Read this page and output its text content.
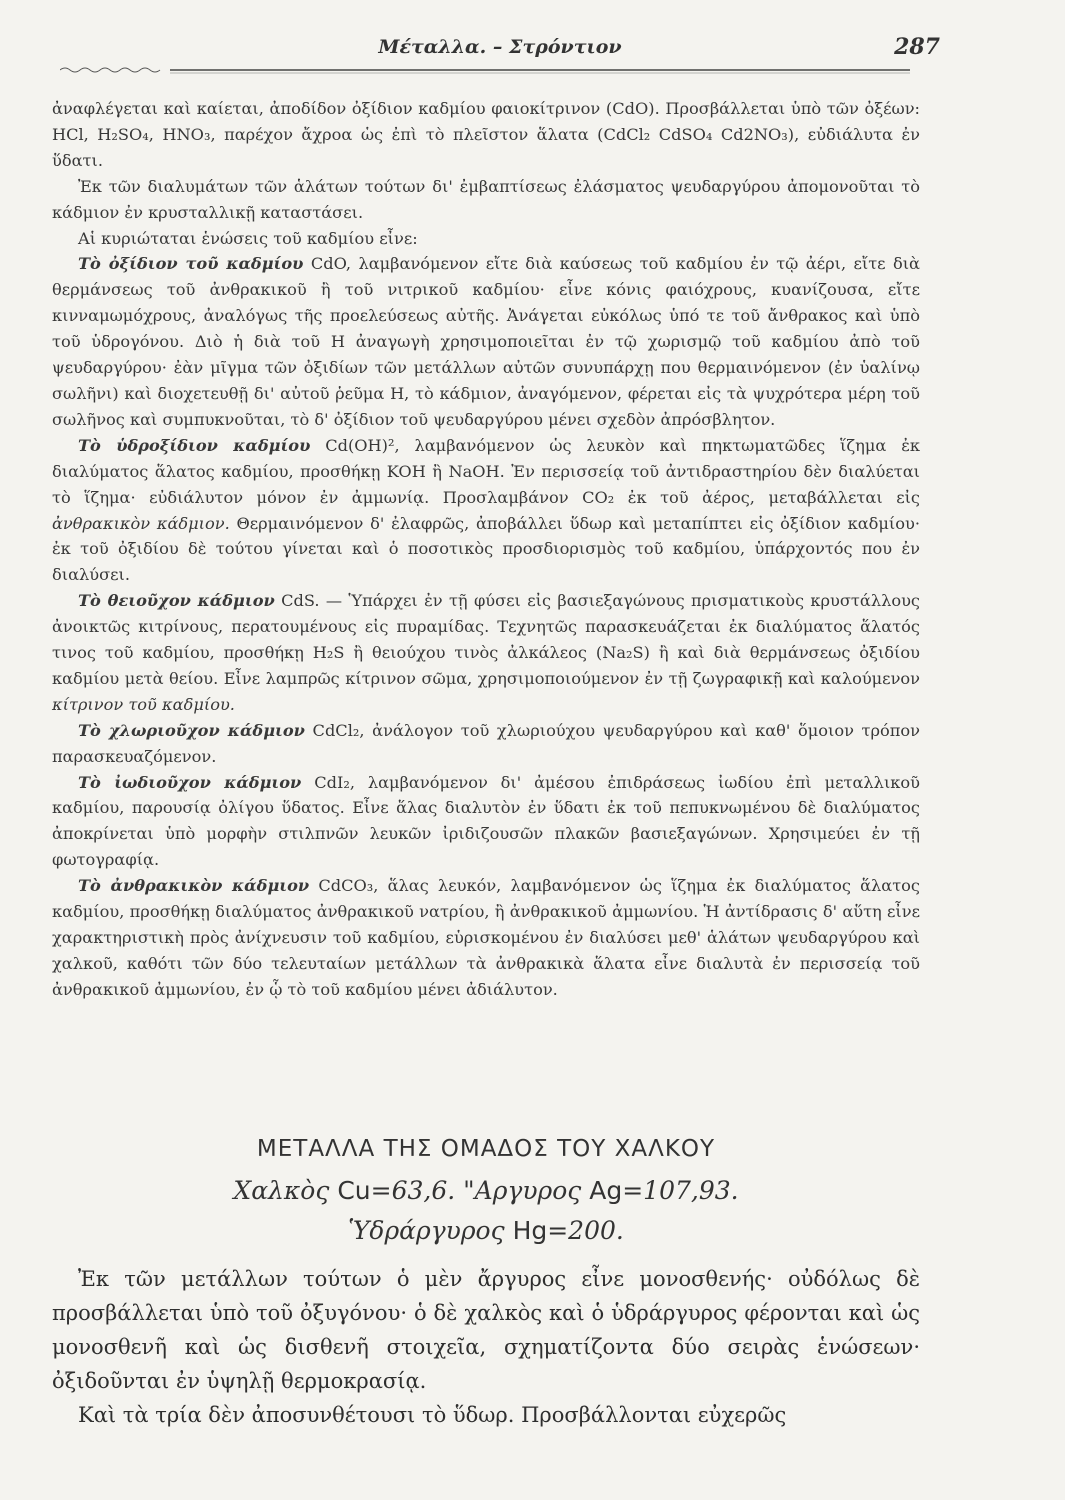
Μέταλλα. – Στρόντιον	287

ἀναφλέγεται καὶ καίεται, ἀποδίδον ὀξίδιον καδμίου φαιοκίτρινον (CdO). Προσβάλλεται ὑπὸ τῶν ὀξέων: HCl, H₂SO₄, HNO₃, παρέχον ἄχροα ὡς ἐπὶ τὸ πλεῖστον ἅλατα (CdCl₂ CdSO₄ Cd2NO₃), εὐδιάλυτα ἐν ὕδατι.

Ἐκ τῶν διαλυμάτων τῶν ἁλάτων τούτων δι' ἐμβαπτίσεως ἐλάσματος ψευδαργύρου ἀπομονοῦται τὸ κάδμιον ἐν κρυσταλλικῇ καταστάσει.

Αἱ κυριώταται ἑνώσεις τοῦ καδμίου εἶνε:

Τὸ ὀξίδιον τοῦ καδμίου CdO, λαμβανόμενον εἴτε διὰ καύσεως τοῦ καδμίου ἐν τῷ ἀέρι, εἴτε διὰ θερμάνσεως τοῦ ἀνθρακικοῦ ἢ τοῦ νιτρικοῦ καδμίου· εἶνε κόνις φαιόχρους, κυανίζουσα, εἴτε κινναμωμόχρους, ἀναλόγως τῆς προελεύσεως αὐτῆς. Ἀνάγεται εὐκόλως ὑπό τε τοῦ ἄνθρακος καὶ ὑπὸ τοῦ ὑδρογόνου. Διὸ ἡ διὰ τοῦ H ἀναγωγὴ χρησιμοποιεῖται ἐν τῷ χωρισμῷ τοῦ καδμίου ἀπὸ τοῦ ψευδαργύρου· ἐὰν μῖγμα τῶν ὀξιδίων τῶν μετάλλων αὐτῶν συνυπάρχῃ που θερμαινόμενον (ἐν ὑαλίνῳ σωλῆνι) καὶ διοχετευθῇ δι' αὐτοῦ ῥεῦμα H, τὸ κάδμιον, ἀναγόμενον, φέρεται εἰς τὰ ψυχρότερα μέρη τοῦ σωλῆνος καὶ συμπυκνοῦται, τὸ δ' ὀξίδιον τοῦ ψευδαργύρου μένει σχεδὸν ἀπρόσβλητον.

Τὸ ὑδροξίδιον καδμίου Cd(OH)², λαμβανόμενον ὡς λευκὸν καὶ πηκτωματῶδες ἵζημα ἐκ διαλύματος ἅλατος καδμίου, προσθήκῃ KOH ἢ NaOH. Ἐν περισσείᾳ τοῦ ἀντιδραστηρίου δὲν διαλύεται τὸ ἵζημα· εὐδιάλυτον μόνον ἐν ἀμμωνίᾳ. Προσλαμβάνον CO₂ ἐκ τοῦ ἀέρος, μεταβάλλεται εἰς ἀνθρακικὸν κάδμιον. Θερμαινόμενον δ' ἐλαφρῶς, ἀποβάλλει ὕδωρ καὶ μεταπίπτει εἰς ὀξίδιον καδμίου· ἐκ τοῦ ὀξιδίου δὲ τούτου γίνεται καὶ ὁ ποσοτικὸς προσδιορισμὸς τοῦ καδμίου, ὑπάρχοντός που ἐν διαλύσει.

Τὸ θειοῦχον κάδμιον CdS. — Ὑπάρχει ἐν τῇ φύσει εἰς βασιεξαγώνους πρισματικοὺς κρυστάλλους ἀνοικτῶς κιτρίνους, περατουμένους εἰς πυραμίδας. Τεχνητῶς παρασκευάζεται ἐκ διαλύματος ἅλατός τινος τοῦ καδμίου, προσθήκῃ H₂S ἢ θειούχου τινὸς ἀλκάλεος (Na₂S) ἢ καὶ διὰ θερμάνσεως ὀξιδίου καδμίου μετὰ θείου. Εἶνε λαμπρῶς κίτρινον σῶμα, χρησιμοποιούμενον ἐν τῇ ζωγραφικῇ καὶ καλούμενον κίτρινον τοῦ καδμίου.

Τὸ χλωριοῦχον κάδμιον CdCl₂, ἀνάλογον τοῦ χλωριούχου ψευδαργύρου καὶ καθ' ὅμοιον τρόπον παρασκευαζόμενον.

Τὸ ἰωδιοῦχον κάδμιον CdI₂, λαμβανόμενον δι' ἀμέσου ἐπιδράσεως ἰωδίου ἐπὶ μεταλλικοῦ καδμίου, παρουσίᾳ ὀλίγου ὕδατος. Εἶνε ἅλας διαλυτὸν ἐν ὕδατι ἐκ τοῦ πεπυκνωμένου δὲ διαλύματος ἀποκρίνεται ὑπὸ μορφὴν στιλπνῶν λευκῶν ἰριδιζουσῶν πλακῶν βασιεξαγώνων. Χρησιμεύει ἐν τῇ φωτογραφίᾳ.

Τὸ ἀνθρακικὸν κάδμιον CdCO₃, ἅλας λευκόν, λαμβανόμενον ὡς ἵζημα ἐκ διαλύματος ἅλατος καδμίου, προσθήκῃ διαλύματος ἀνθρακικοῦ νατρίου, ἢ ἀνθρακικοῦ ἀμμωνίου. Ἡ ἀντίδρασις δ' αὕτη εἶνε χαρακτηριστικὴ πρὸς ἀνίχνευσιν τοῦ καδμίου, εὑρισκομένου ἐν διαλύσει μεθ' ἁλάτων ψευδαργύρου καὶ χαλκοῦ, καθότι τῶν δύο τελευταίων μετάλλων τὰ ἀνθρακικὰ ἅλατα εἶνε διαλυτὰ ἐν περισσείᾳ τοῦ ἀνθρακικοῦ ἀμμωνίου, ἐν ᾧ τὸ τοῦ καδμίου μένει ἀδιάλυτον.

ΜΕΤΑΛΛΑ ΤΗΣ ΟΜΑΔΟΣ ΤΟΥ ΧΑΛΚΟΥ
Χαλκὸς Cu=63,6. "Αργυρος Ag=107,93.
Ὑδράργυρος Hg=200.

Ἐκ τῶν μετάλλων τούτων ὁ μὲν ἄργυρος εἶνε μονοσθενής· οὐδόλως δὲ προσβάλλεται ὑπὸ τοῦ ὀξυγόνου· ὁ δὲ χαλκὸς καὶ ὁ ὑδράργυρος φέρονται καὶ ὡς μονοσθενῆ καὶ ὡς δισθενῆ στοιχεῖα, σχηματίζοντα δύο σειρὰς ἑνώσεων· ὀξιδοῦνται ἐν ὑψηλῇ θερμοκρασίᾳ.

Καὶ τὰ τρία δὲν ἀποσυνθέτουσι τὸ ὕδωρ. Προσβάλλονται εὐχερῶς
